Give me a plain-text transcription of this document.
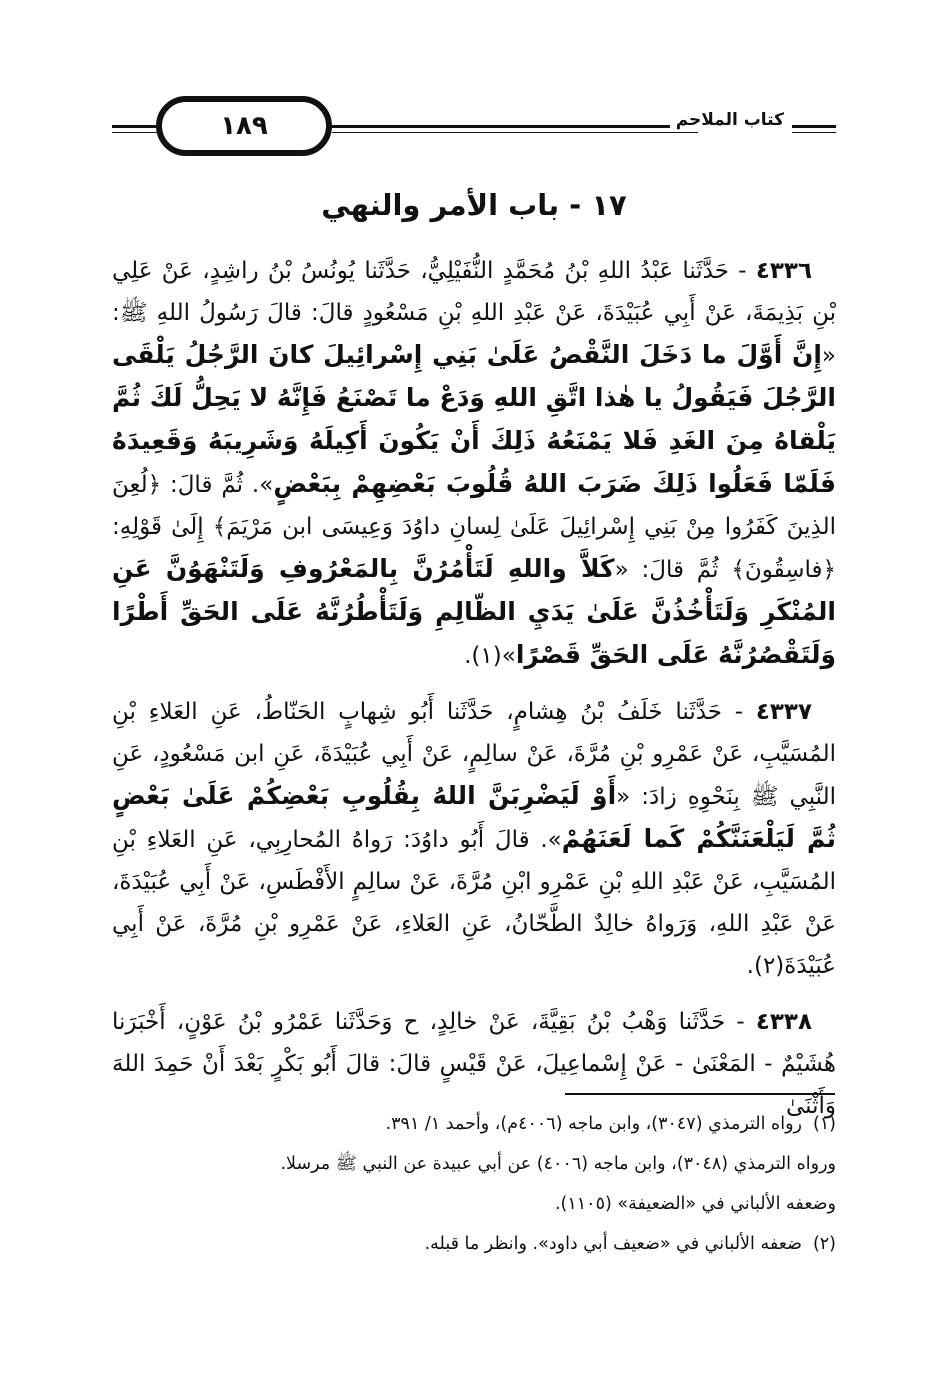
١٨٩	كتاب الملاحم
١٧ - باب الأمر والنهي

٤٣٣٦ - حَدَّثَنا عَبْدُ اللهِ بْنُ مُحَمَّدٍ النُّفَيْلِيُّ، حَدَّثَنا يُونُسُ بْنُ راشِدٍ، عَنْ عَلِي بْنِ بَذِيمَةَ، عَنْ أَبِي عُبَيْدَةَ، عَنْ عَبْدِ اللهِ بْنِ مَسْعُودٍ قالَ: قالَ رَسُولُ اللهِ ﷺ: «إِنَّ أَوَّلَ ما دَخَلَ النَّقْصُ عَلَىٰ بَنِي إِسْرائِيلَ كانَ الرَّجُلُ يَلْقَى الرَّجُلَ فَيَقُولُ يا هٰذا اتَّقِ اللهِ وَدَعْ ما تَصْنَعُ فَإِنَّهُ لا يَحِلُّ لَكَ ثُمَّ يَلْقاهُ مِنَ الغَدِ فَلا يَمْنَعُهُ ذَلِكَ أَنْ يَكُونَ أَكِيلَهُ وَشَرِيبَهُ وَقَعِيدَهُ فَلَمّا فَعَلُوا ذَلِكَ ضَرَبَ اللهُ قُلُوبَ بَعْضِهِمْ بِبَعْضٍ». ثُمَّ قالَ: ﴿لُعِنَ الذِينَ كَفَرُوا مِنْ بَنِي إِسْرائِيلَ عَلَىٰ لِسانِ داوُدَ وَعِيسَى ابن مَرْيَمَ﴾ إِلَىٰ قَوْلِهِ: ﴿فاسِقُونَ﴾ ثُمَّ قالَ: «كَلاَّ واللهِ لَتَأْمُرُنَّ بِالمَعْرُوفِ وَلَتَنْهَوُنَّ عَنِ المُنْكَرِ وَلَتَأْخُذُنَّ عَلَىٰ يَدَيِ الظّالِمِ وَلَتَأْطُرُنَّهُ عَلَى الحَقِّ أَطْرًا وَلَتَقْصُرُنَّهُ عَلَى الحَقِّ قَصْرًا»(١).

٤٣٣٧ - حَدَّثَنا خَلَفُ بْنُ هِشامٍ، حَدَّثَنا أَبُو شِهابٍ الحَنّاطُ، عَنِ العَلاءِ بْنِ المُسَيَّبِ، عَنْ عَمْرِو بْنِ مُرَّةَ، عَنْ سالِمٍ، عَنْ أَبِي عُبَيْدَةَ، عَنِ ابن مَسْعُودٍ، عَنِ النَّبِي ﷺ بِنَحْوِهِ زادَ: «أَوْ لَيَضْرِبَنَّ اللهُ بِقُلُوبِ بَعْضِكُمْ عَلَىٰ بَعْضٍ ثُمَّ لَيَلْعَنَنَّكُمْ كَما لَعَنَهُمْ». قالَ أَبُو داوُدَ: رَواهُ المُحارِبِي، عَنِ العَلاءِ بْنِ المُسَيَّبِ، عَنْ عَبْدِ اللهِ بْنِ عَمْرِو ابْنِ مُرَّةَ، عَنْ سالِمٍ الأَفْطَسِ، عَنْ أَبِي عُبَيْدَةَ، عَنْ عَبْدِ اللهِ، وَرَواهُ خالِدٌ الطَّحّانُ، عَنِ العَلاءِ، عَنْ عَمْرِو بْنِ مُرَّةَ، عَنْ أَبِي عُبَيْدَةَ(٢).

٤٣٣٨ - حَدَّثَنا وَهْبُ بْنُ بَقِيَّةَ، عَنْ خالِدٍ، ح وَحَدَّثَنا عَمْرُو بْنُ عَوْنٍ، أَخْبَرَنا هُشَيْمٌ - المَعْنَىٰ - عَنْ إِسْماعِيلَ، عَنْ قَيْسٍ قالَ: قالَ أَبُو بَكْرٍ بَعْدَ أَنْ حَمِدَ اللهَ وَأَثْنَىٰ

(١)رواه الترمذي (٣٠٤٧)، وابن ماجه (٤٠٠٦م)، وأحمد ١/ ٣٩١.

ورواه الترمذي (٣٠٤٨)، وابن ماجه (٤٠٠٦) عن أبي عبيدة عن النبي ﷺ مرسلا.

وضعفه الألباني في «الضعيفة» (١١٠٥).

(٢)ضعفه الألباني في «ضعيف أبي داود». وانظر ما قبله.
